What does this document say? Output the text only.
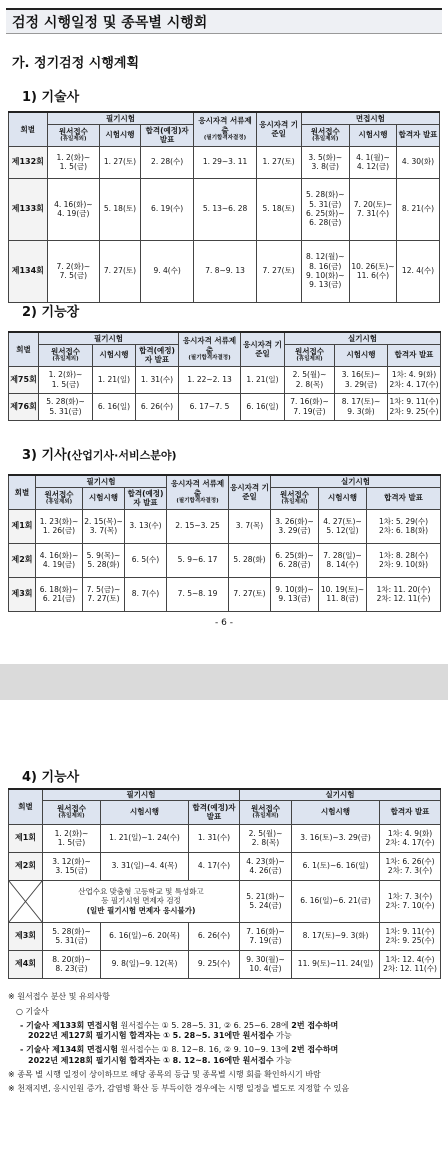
검정 시행일정 및 종목별 시행회
가. 정기검정 시행계획
1) 기술사
회별	필기시험			응시자격 서류제출
(필기합격자결정)	응시자격 기준일	면접시험		

	원서접수
(휴일제외)	시험시행	합격(예정)자 발표			원서접수
(휴일제외)	시험시행	합격자 발표
제132회	1. 2(화)~
1. 5(금)	1. 27(토)	2. 28(수)	1. 29~3. 11	1. 27(토)	3. 5(화)~
3. 8(금)	4. 1(월)~
4. 12(금)	4. 30(화)

제133회	4. 16(화)~
4. 19(금)	5. 18(토)	6. 19(수)	5. 13~6. 28	5. 18(토)	5. 28(화)~
5. 31(금)
6. 25(화)~
6. 28(금)	7. 20(토)~
7. 31(수)	8. 21(수)

제134회	7. 2(화)~
7. 5(금)	7. 27(토)	9. 4(수)	7. 8~9. 13	7. 27(토)	8. 12(월)~
8. 16(금)
9. 10(화)~
9. 13(금)	10. 26(토)~
11. 6(수)	12. 4(수)
2) 기능장
회별	필기시험			응시자격 서류제출
(필기합격자결정)	응시자격 기준일	실기시험		

	원서접수
(휴일제외)	시험시행	합격(예정)자 발표			원서접수
(휴일제외)	시험시행	합격자 발표
제75회	1. 2(화)~
1. 5(금)	1. 21(일)	1. 31(수)	1. 22~2. 13	1. 21(일)	2. 5(월)~
2. 8(목)	3. 16(토)~
3. 29(금)	1차: 4. 9(화)
2차: 4. 17(수)

제76회	5. 28(화)~
5. 31(금)	6. 16(일)	6. 26(수)	6. 17~7. 5	6. 16(일)	7. 16(화)~
7. 19(금)	8. 17(토)~
9. 3(화)	1차: 9. 11(수)
2차: 9. 25(수)
3) 기사(산업기사·서비스분야)
회별	필기시험			응시자격 서류제출
(필기합격자결정)	응시자격 기준일	실기시험		

	원서접수
(휴일제외)	시험시행	합격(예정)자 발표			원서접수
(휴일제외)	시험시행	합격자 발표
제1회	1. 23(화)~
1. 26(금)	2. 15(목)~
3. 7(목)	3. 13(수)	2. 15~3. 25	3. 7(목)	3. 26(화)~
3. 29(금)	4. 27(토)~
5. 12(일)	1차: 5. 29(수)
2차: 6. 18(화)

제2회	4. 16(화)~
4. 19(금)	5. 9(목)~
5. 28(화)	6. 5(수)	5. 9~6. 17	5. 28(화)	6. 25(화)~
6. 28(금)	7. 28(일)~
8. 14(수)	1차: 8. 28(수)
2차: 9. 10(화)

제3회	6. 18(화)~
6. 21(금)	7. 5(금)~
7. 27(토)	8. 7(수)	7. 5~8. 19	7. 27(토)	9. 10(화)~
9. 13(금)	10. 19(토)~
11. 8(금)	1차: 11. 20(수)
2차: 12. 11(수)
- 6 -
4) 기능사
회별	필기시험			실기시험		

	원서접수
(휴일제외)	시험시행	합격(예정)자 발표	원서접수
(휴일제외)	시험시행	합격자 발표
제1회	1. 2(화)~
1. 5(금)	1. 21(일)~1. 24(수)	1. 31(수)	2. 5(월)~
2. 8(목)	3. 16(토)~3. 29(금)	1차: 4. 9(화)
2차: 4. 17(수)

제2회	3. 12(화)~
3. 15(금)	3. 31(일)~4. 4(목)	4. 17(수)	4. 23(화)~
4. 26(금)	6. 1(토)~6. 16(일)	1차: 6. 26(수)
2차: 7. 3(수)

산업수요 맞춤형 고등학교 및 특성화고
등 필기시험 면제자 검정
(일반 필기시험 면제자 응시불가)			5. 21(화)~
5. 24(금)	6. 16(일)~6. 21(금)	1차: 7. 3(수)
2차: 7. 10(수)

제3회	5. 28(화)~
5. 31(금)	6. 16(일)~6. 20(목)	6. 26(수)	7. 16(화)~
7. 19(금)	8. 17(토)~9. 3(화)	1차: 9. 11(수)
2차: 9. 25(수)

제4회	8. 20(화)~
8. 23(금)	9. 8(일)~9. 12(목)	9. 25(수)	9. 30(월)~
10. 4(금)	11. 9(토)~11. 24(일)	1차: 12. 4(수)
2차: 12. 11(수)
※ 원서접수 분산 및 유의사항
○ 기술사
- 기술사 제133회 면접시험 원서접수는 ① 5. 28~5. 31, ② 6. 25~6. 28에 2번 접수하며
2022년 제127회 필기시험 합격자는 ① 5. 28~5. 31에만 원서접수 가능
- 기술사 제134회 면접시험 원서접수는 ① 8. 12~8. 16, ② 9. 10~9. 13에 2번 접수하며
2022년 제128회 필기시험 합격자는 ① 8. 12~8. 16에만 원서접수 가능
※ 종목 별 시행 일정이 상이하므로 해당 종목의 등급 및 종목별 시행 회를 확인하시기 바람
※ 천재지변, 응시인원 증가, 감염병 확산 등 부득이한 경우에는 시행 일정을 별도로 지정할 수 있음
